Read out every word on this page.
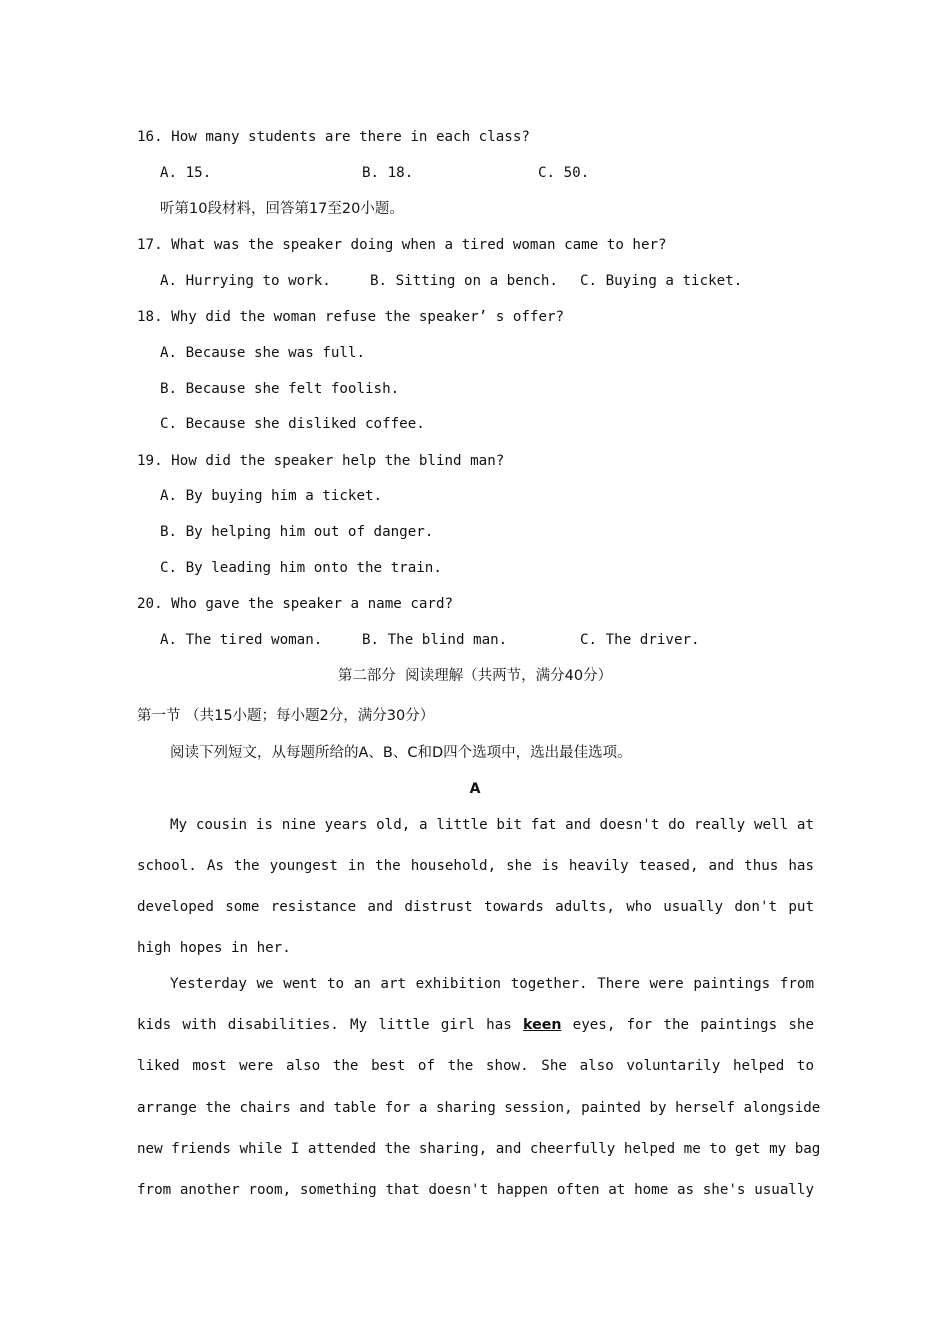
16. How many students are there in each class?
A. 15.	B. 18.	C. 50.
听第10段材料，回答第17至20小题。
17. What was the speaker doing when a tired woman came to her?
A. Hurrying to work.	B. Sitting on a bench. C. Buying a ticket.
18. Why did the woman refuse the speaker’ s offer?
A. Because she was full.
B. Because she felt foolish.
C. Because she disliked coffee.
19. How did the speaker help the blind man?
A. By buying him a ticket.
B. By helping him out of danger.
C. By leading him onto the train.
20. Who gave the speaker a name card?
A. The tired woman.	B. The blind man.	C. The driver.
第二部分  阅读理解（共两节，满分40分）
第一节 （共15小题；每小题2分，满分30分）
阅读下列短文，从每题所给的A、B、C和D四个选项中，选出最佳选项。
A
My cousin is nine years old, a little bit fat and doesn't do really well at
school. As the youngest in the household, she is heavily teased, and thus has
developed some resistance and distrust towards adults, who usually don't put
high hopes in her.
Yesterday we went to an art exhibition together. There were paintings from
kids with disabilities. My little girl has keen eyes, for the paintings she
liked most were also the best of the show. She also voluntarily helped to
arrange the chairs and table for a sharing session, painted by herself alongside
new friends while I attended the sharing, and cheerfully helped me to get my bag
from another room, something that doesn't happen often at home as she's usually
